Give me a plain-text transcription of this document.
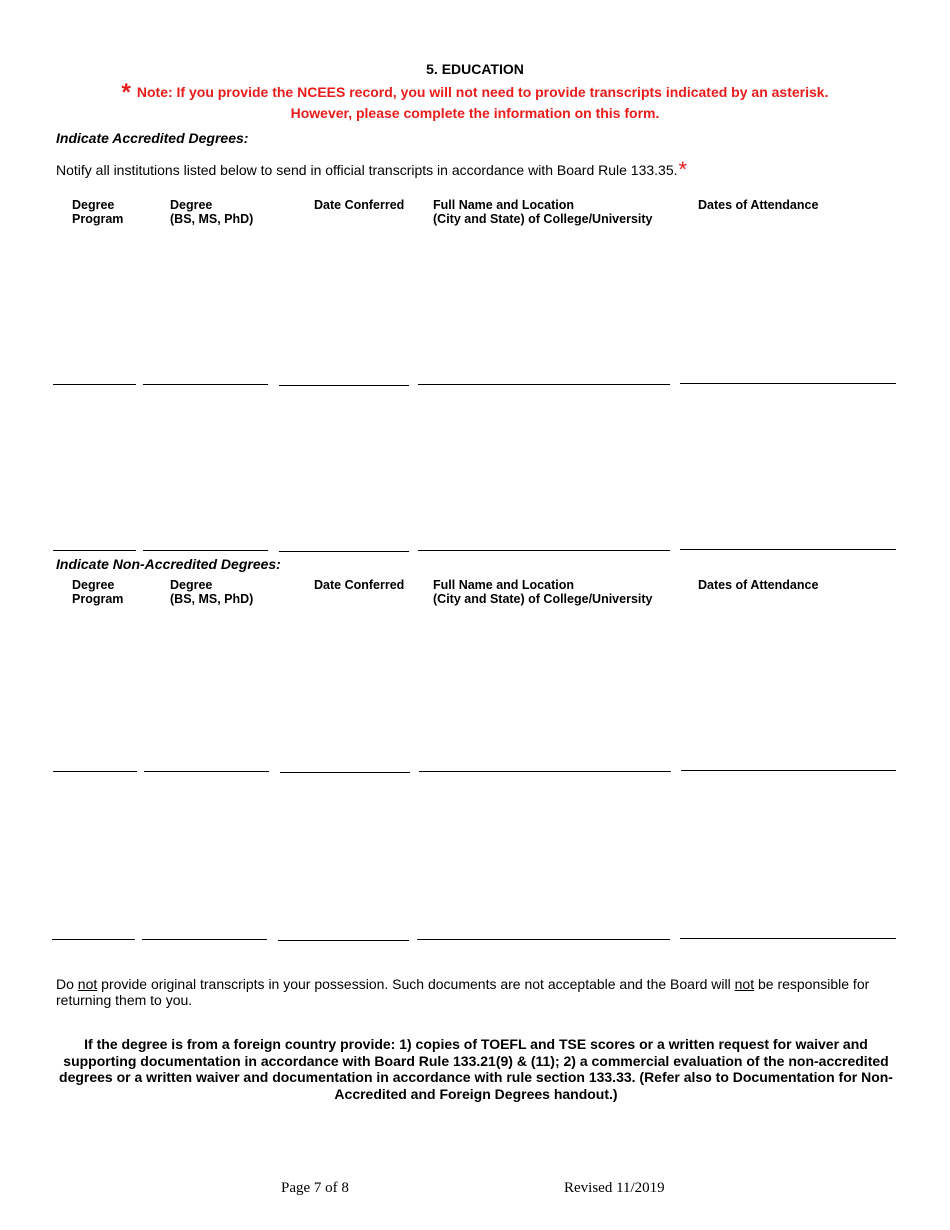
5. EDUCATION
* Note: If you provide the NCEES record, you will not need to provide transcripts indicated by an asterisk.
However, please complete the information on this form.
Indicate Accredited Degrees:
Notify all institutions listed below to send in official transcripts in accordance with Board Rule 133.35.*
Degree
Program
Degree
(BS, MS, PhD)
Date Conferred Full Name and Location
(City and State) of College/University
Dates of Attendance
Indicate Non-Accredited Degrees:
Degree
Program
Degree
(BS, MS, PhD)
Date Conferred Full Name and Location
(City and State) of College/University
Dates of Attendance
Do not provide original transcripts in your possession. Such documents are not acceptable and the Board will not be responsible for returning them to you.
If the degree is from a foreign country provide: 1) copies of TOEFL and TSE scores or a written request for waiver and supporting documentation in accordance with Board Rule 133.21(9) & (11); 2) a commercial evaluation of the non-accredited degrees or a written waiver and documentation in accordance with rule section 133.33. (Refer also to Documentation for Non-Accredited and Foreign Degrees handout.)
Page 7 of 8	Revised 11/2019
